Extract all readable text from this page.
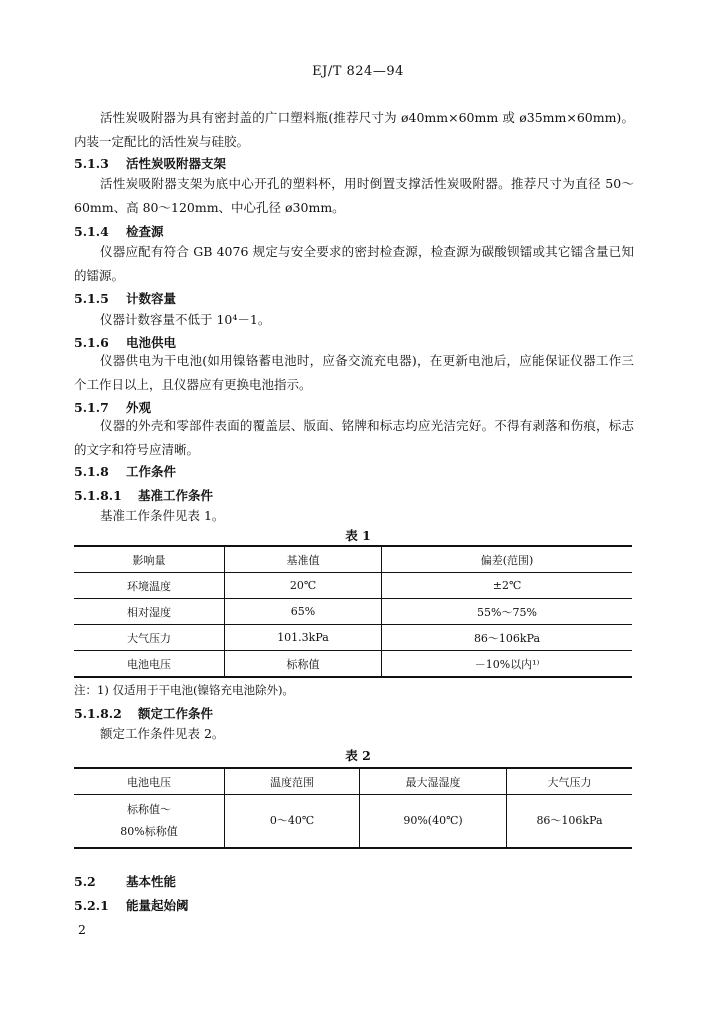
EJ/T 824—94
活性炭吸附器为具有密封盖的广口塑料瓶(推荐尺寸为 ø40mm×60mm 或 ø35mm×60mm)。内装一定配比的活性炭与硅胶。
5.1.3 活性炭吸附器支架
活性炭吸附器支架为底中心开孔的塑料杯，用时倒置支撑活性炭吸附器。推荐尺寸为直径 50～60mm、高 80～120mm、中心孔径 ø30mm。
5.1.4 检查源
仪器应配有符合 GB 4076 规定与安全要求的密封检查源，检查源为碳酸钡镭或其它镭含量已知的镭源。
5.1.5 计数容量
仪器计数容量不低于 10⁴－1。
5.1.6 电池供电
仪器供电为干电池(如用镍铬蓄电池时，应备交流充电器)，在更新电池后，应能保证仪器工作三个工作日以上，且仪器应有更换电池指示。
5.1.7 外观
仪器的外壳和零部件表面的覆盖层、版面、铭牌和标志均应光洁完好。不得有剥落和伤痕，标志的文字和符号应清晰。
5.1.8 工作条件
5.1.8.1 基准工作条件
基准工作条件见表 1。
表 1
影响量	基准值	偏差(范围)
环境温度	20℃	±2℃
相对湿度	65%	55%～75%
大气压力	101.3kPa	86～106kPa
电池电压	标称值	－10%以内¹⁾
注：1) 仅适用于干电池(镍铬充电池除外)。
5.1.8.2 额定工作条件
额定工作条件见表 2。
表 2
电池电压	温度范围	最大湿湿度	大气压力

标称值～
80%标称值	0～40℃	90%(40℃)	86～106kPa
5.2 基本性能
5.2.1 能量起始阈
2
